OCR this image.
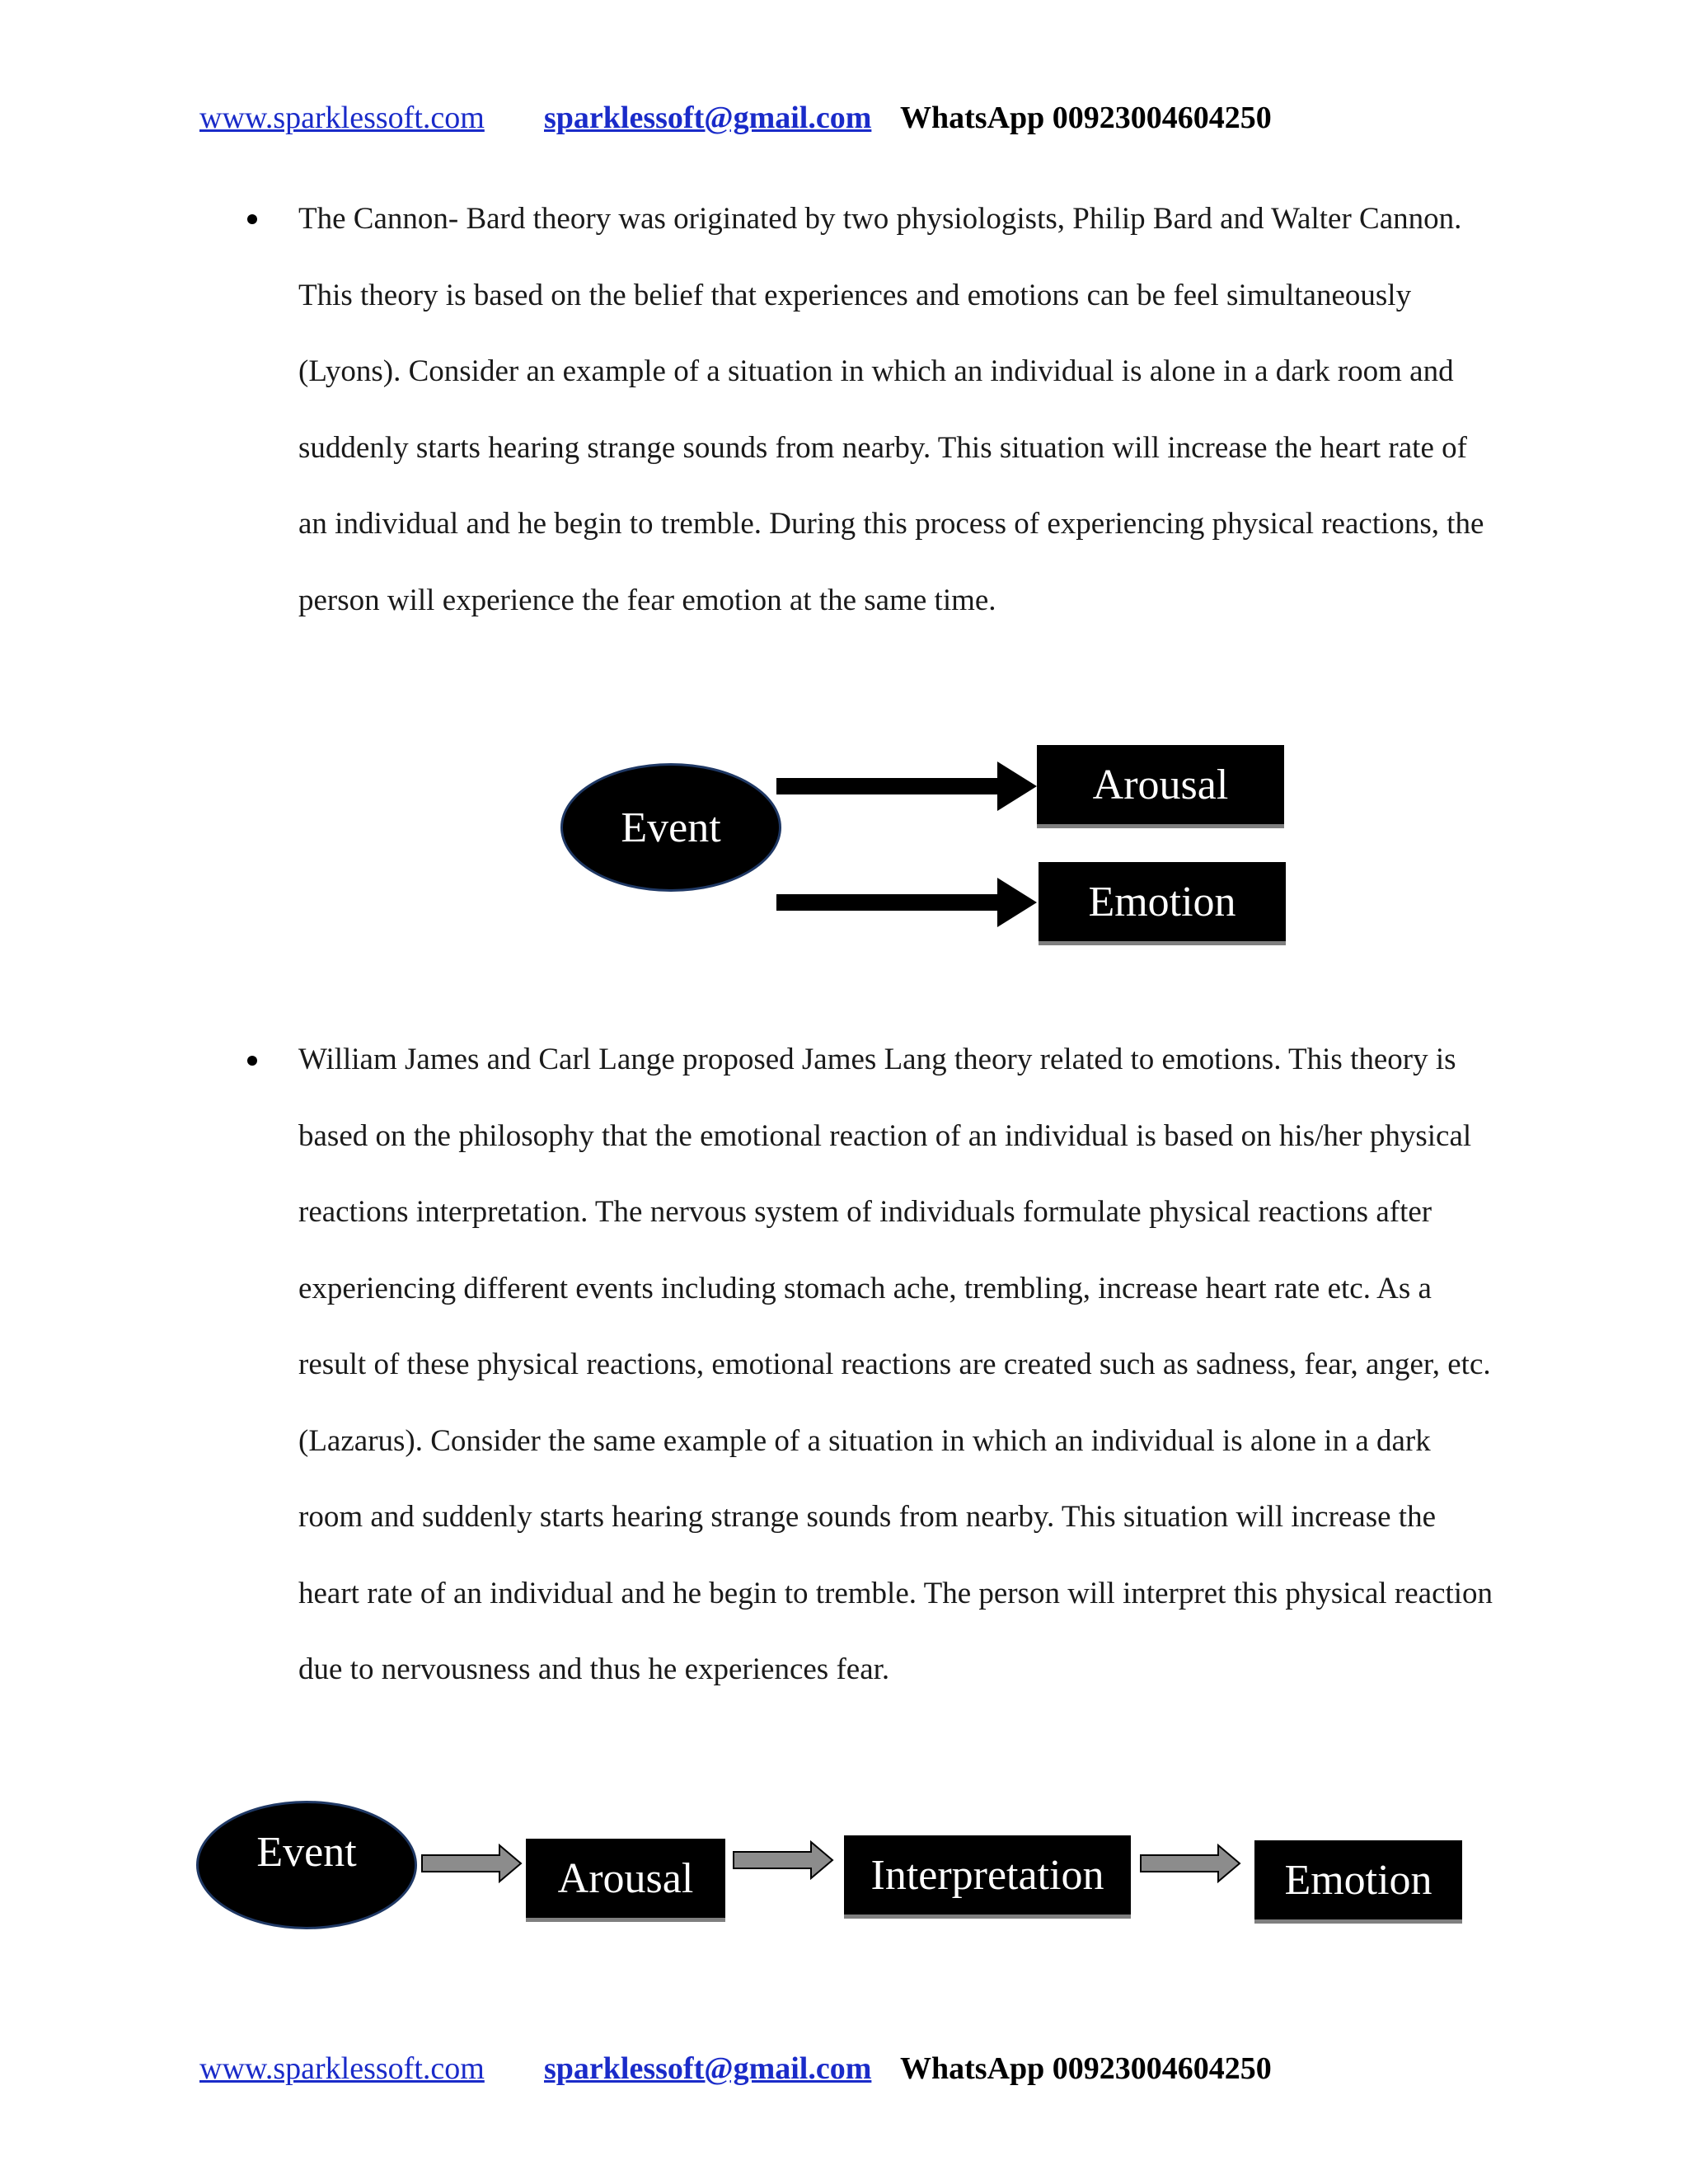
www.sparklessoft.com sparklessoft@gmail.com WhatsApp 00923004604250
The Cannon- Bard theory was originated by two physiologists, Philip Bard and Walter Cannon. This theory is based on the belief that experiences and emotions can be feel simultaneously (Lyons). Consider an example of a situation in which an individual is alone in a dark room and suddenly starts hearing strange sounds from nearby. This situation will increase the heart rate of an individual and he begin to tremble. During this process of experiencing physical reactions, the person will experience the fear emotion at the same time.
Event
Arousal
Emotion
William James and Carl Lange proposed James Lang theory related to emotions. This theory is based on the philosophy that the emotional reaction of an individual is based on his/her physical reactions interpretation. The nervous system of individuals formulate physical reactions after experiencing different events including stomach ache, trembling, increase heart rate etc. As a result of these physical reactions, emotional reactions are created such as sadness, fear, anger, etc. (Lazarus). Consider the same example of a situation in which an individual is alone in a dark room and suddenly starts hearing strange sounds from nearby. This situation will increase the heart rate of an individual and he begin to tremble. The person will interpret this physical reaction due to nervousness and thus he experiences fear.
Event
Arousal	Interpretation	Emotion
www.sparklessoft.com sparklessoft@gmail.com WhatsApp 00923004604250
